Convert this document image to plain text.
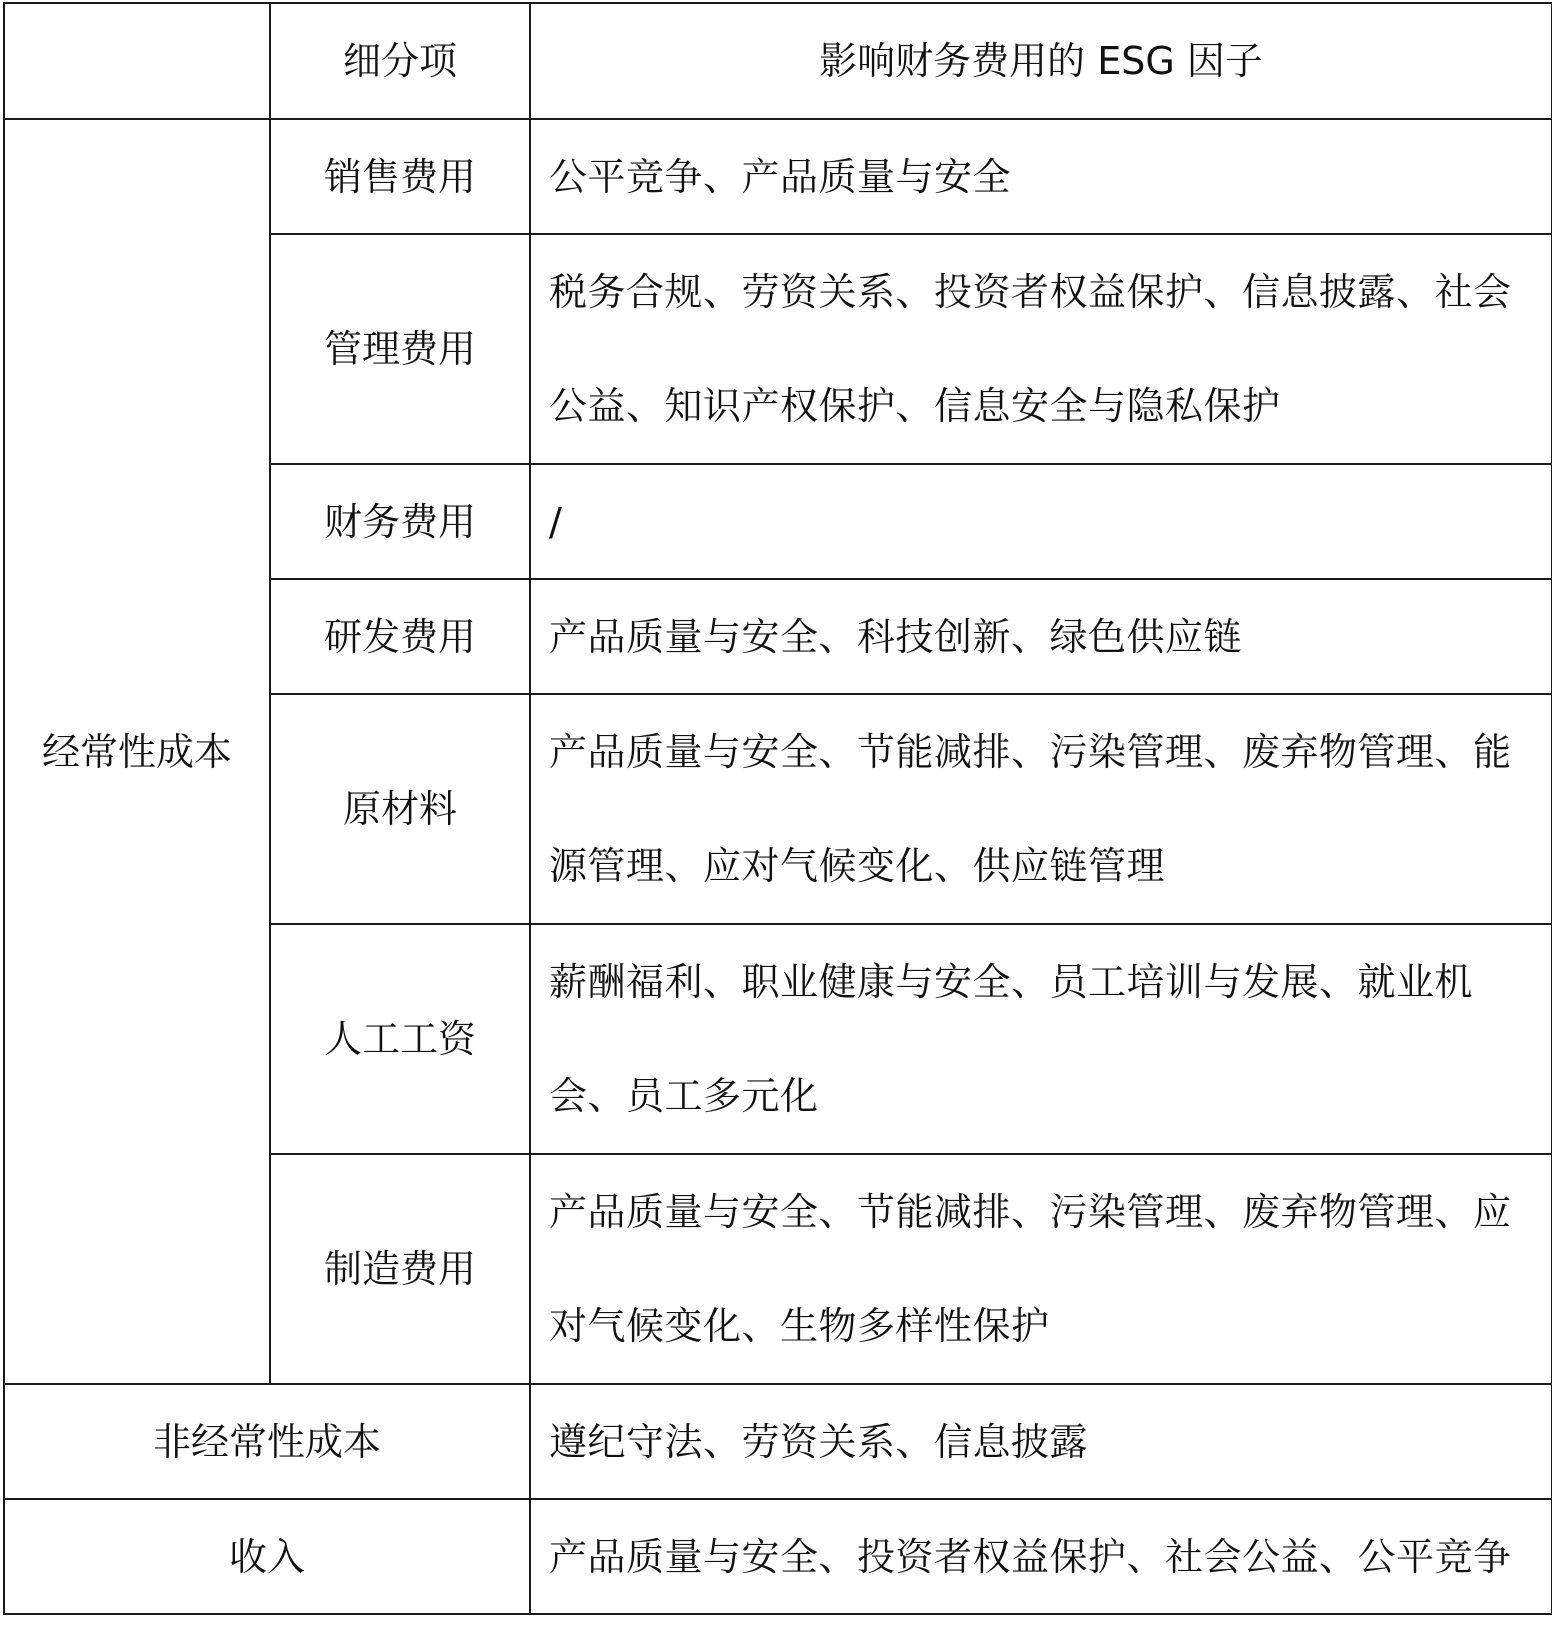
	细分项	影响财务费用的 ESG 因子
经常性成本	销售费用	公平竞争、产品质量与安全
	管理费用	税务合规、劳资关系、投资者权益保护、信息披露、社会公益、知识产权保护、信息安全与隐私保护
	财务费用	/
	研发费用	产品质量与安全、科技创新、绿色供应链
	原材料	产品质量与安全、节能减排、污染管理、废弃物管理、能源管理、应对气候变化、供应链管理
	人工工资	薪酬福利、职业健康与安全、员工培训与发展、就业机会、员工多元化
	制造费用	产品质量与安全、节能减排、污染管理、废弃物管理、应对气候变化、生物多样性保护
非经常性成本		遵纪守法、劳资关系、信息披露
收入		产品质量与安全、投资者权益保护、社会公益、公平竞争
